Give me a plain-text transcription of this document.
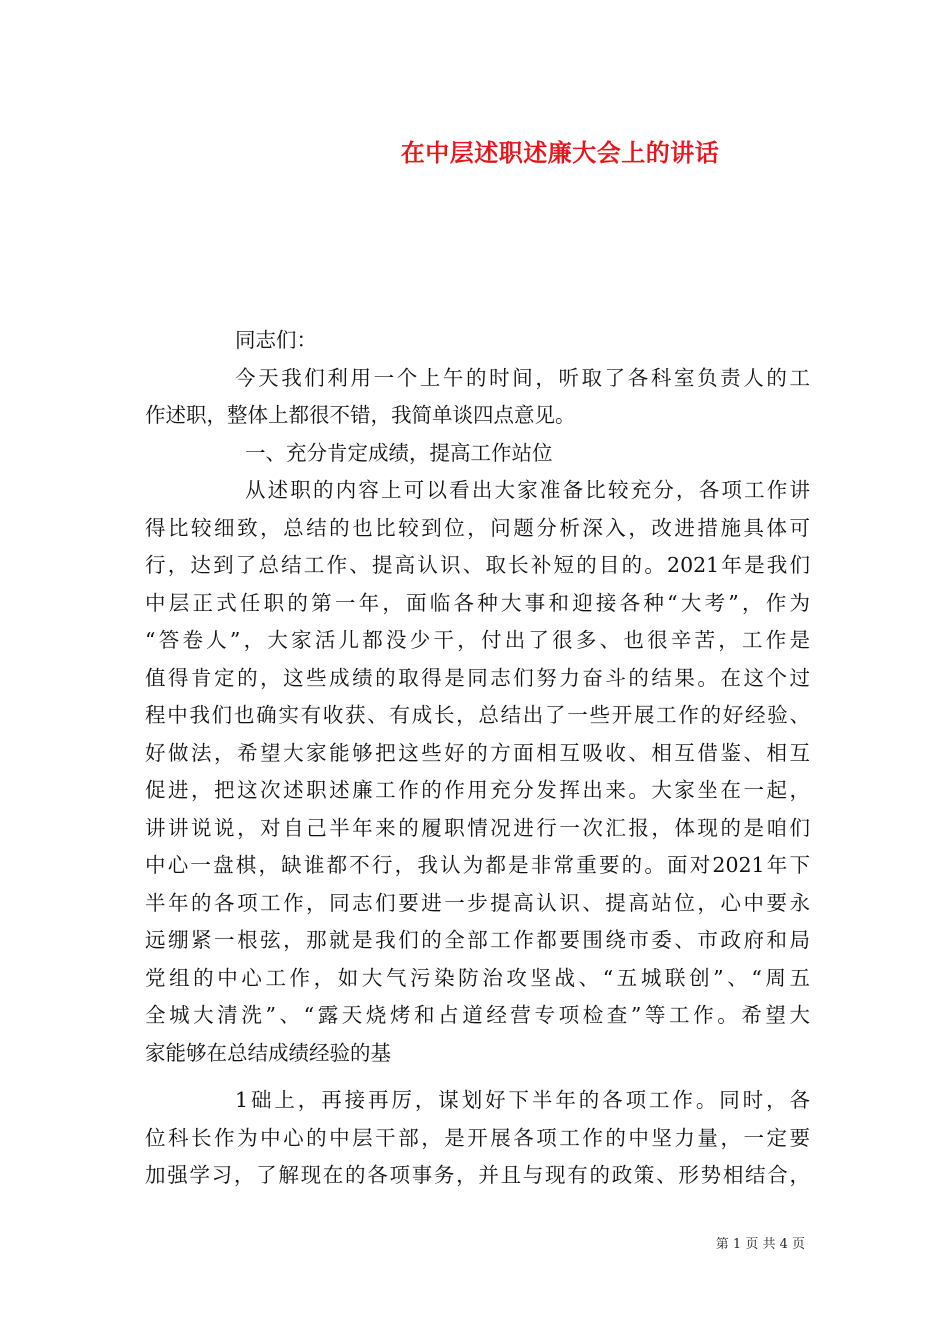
在中层述职述廉大会上的讲话
同志们：
今天我们利用一个上午的时间，听取了各科室负责人的工
作述职，整体上都很不错，我简单谈四点意见。
一、充分肯定成绩，提高工作站位
从述职的内容上可以看出大家准备比较充分，各项工作讲
得比较细致，总结的也比较到位，问题分析深入，改进措施具体可
行，达到了总结工作、提高认识、取长补短的目的。2021年是我们
中层正式任职的第一年，面临各种大事和迎接各种“大考”，作为
“答卷人”，大家活儿都没少干，付出了很多、也很辛苦，工作是
值得肯定的，这些成绩的取得是同志们努力奋斗的结果。在这个过
程中我们也确实有收获、有成长，总结出了一些开展工作的好经验、
好做法，希望大家能够把这些好的方面相互吸收、相互借鉴、相互
促进，把这次述职述廉工作的作用充分发挥出来。大家坐在一起，
讲讲说说，对自己半年来的履职情况进行一次汇报，体现的是咱们
中心一盘棋，缺谁都不行，我认为都是非常重要的。面对2021年下
半年的各项工作，同志们要进一步提高认识、提高站位，心中要永
远绷紧一根弦，那就是我们的全部工作都要围绕市委、市政府和局
党组的中心工作，如大气污染防治攻坚战、“五城联创”、“周五
全城大清洗”、“露天烧烤和占道经营专项检查”等工作。希望大
家能够在总结成绩经验的基
1础上，再接再厉，谋划好下半年的各项工作。同时，各
位科长作为中心的中层干部，是开展各项工作的中坚力量，一定要
加强学习，了解现在的各项事务，并且与现有的政策、形势相结合，
第 1 页 共 4 页
